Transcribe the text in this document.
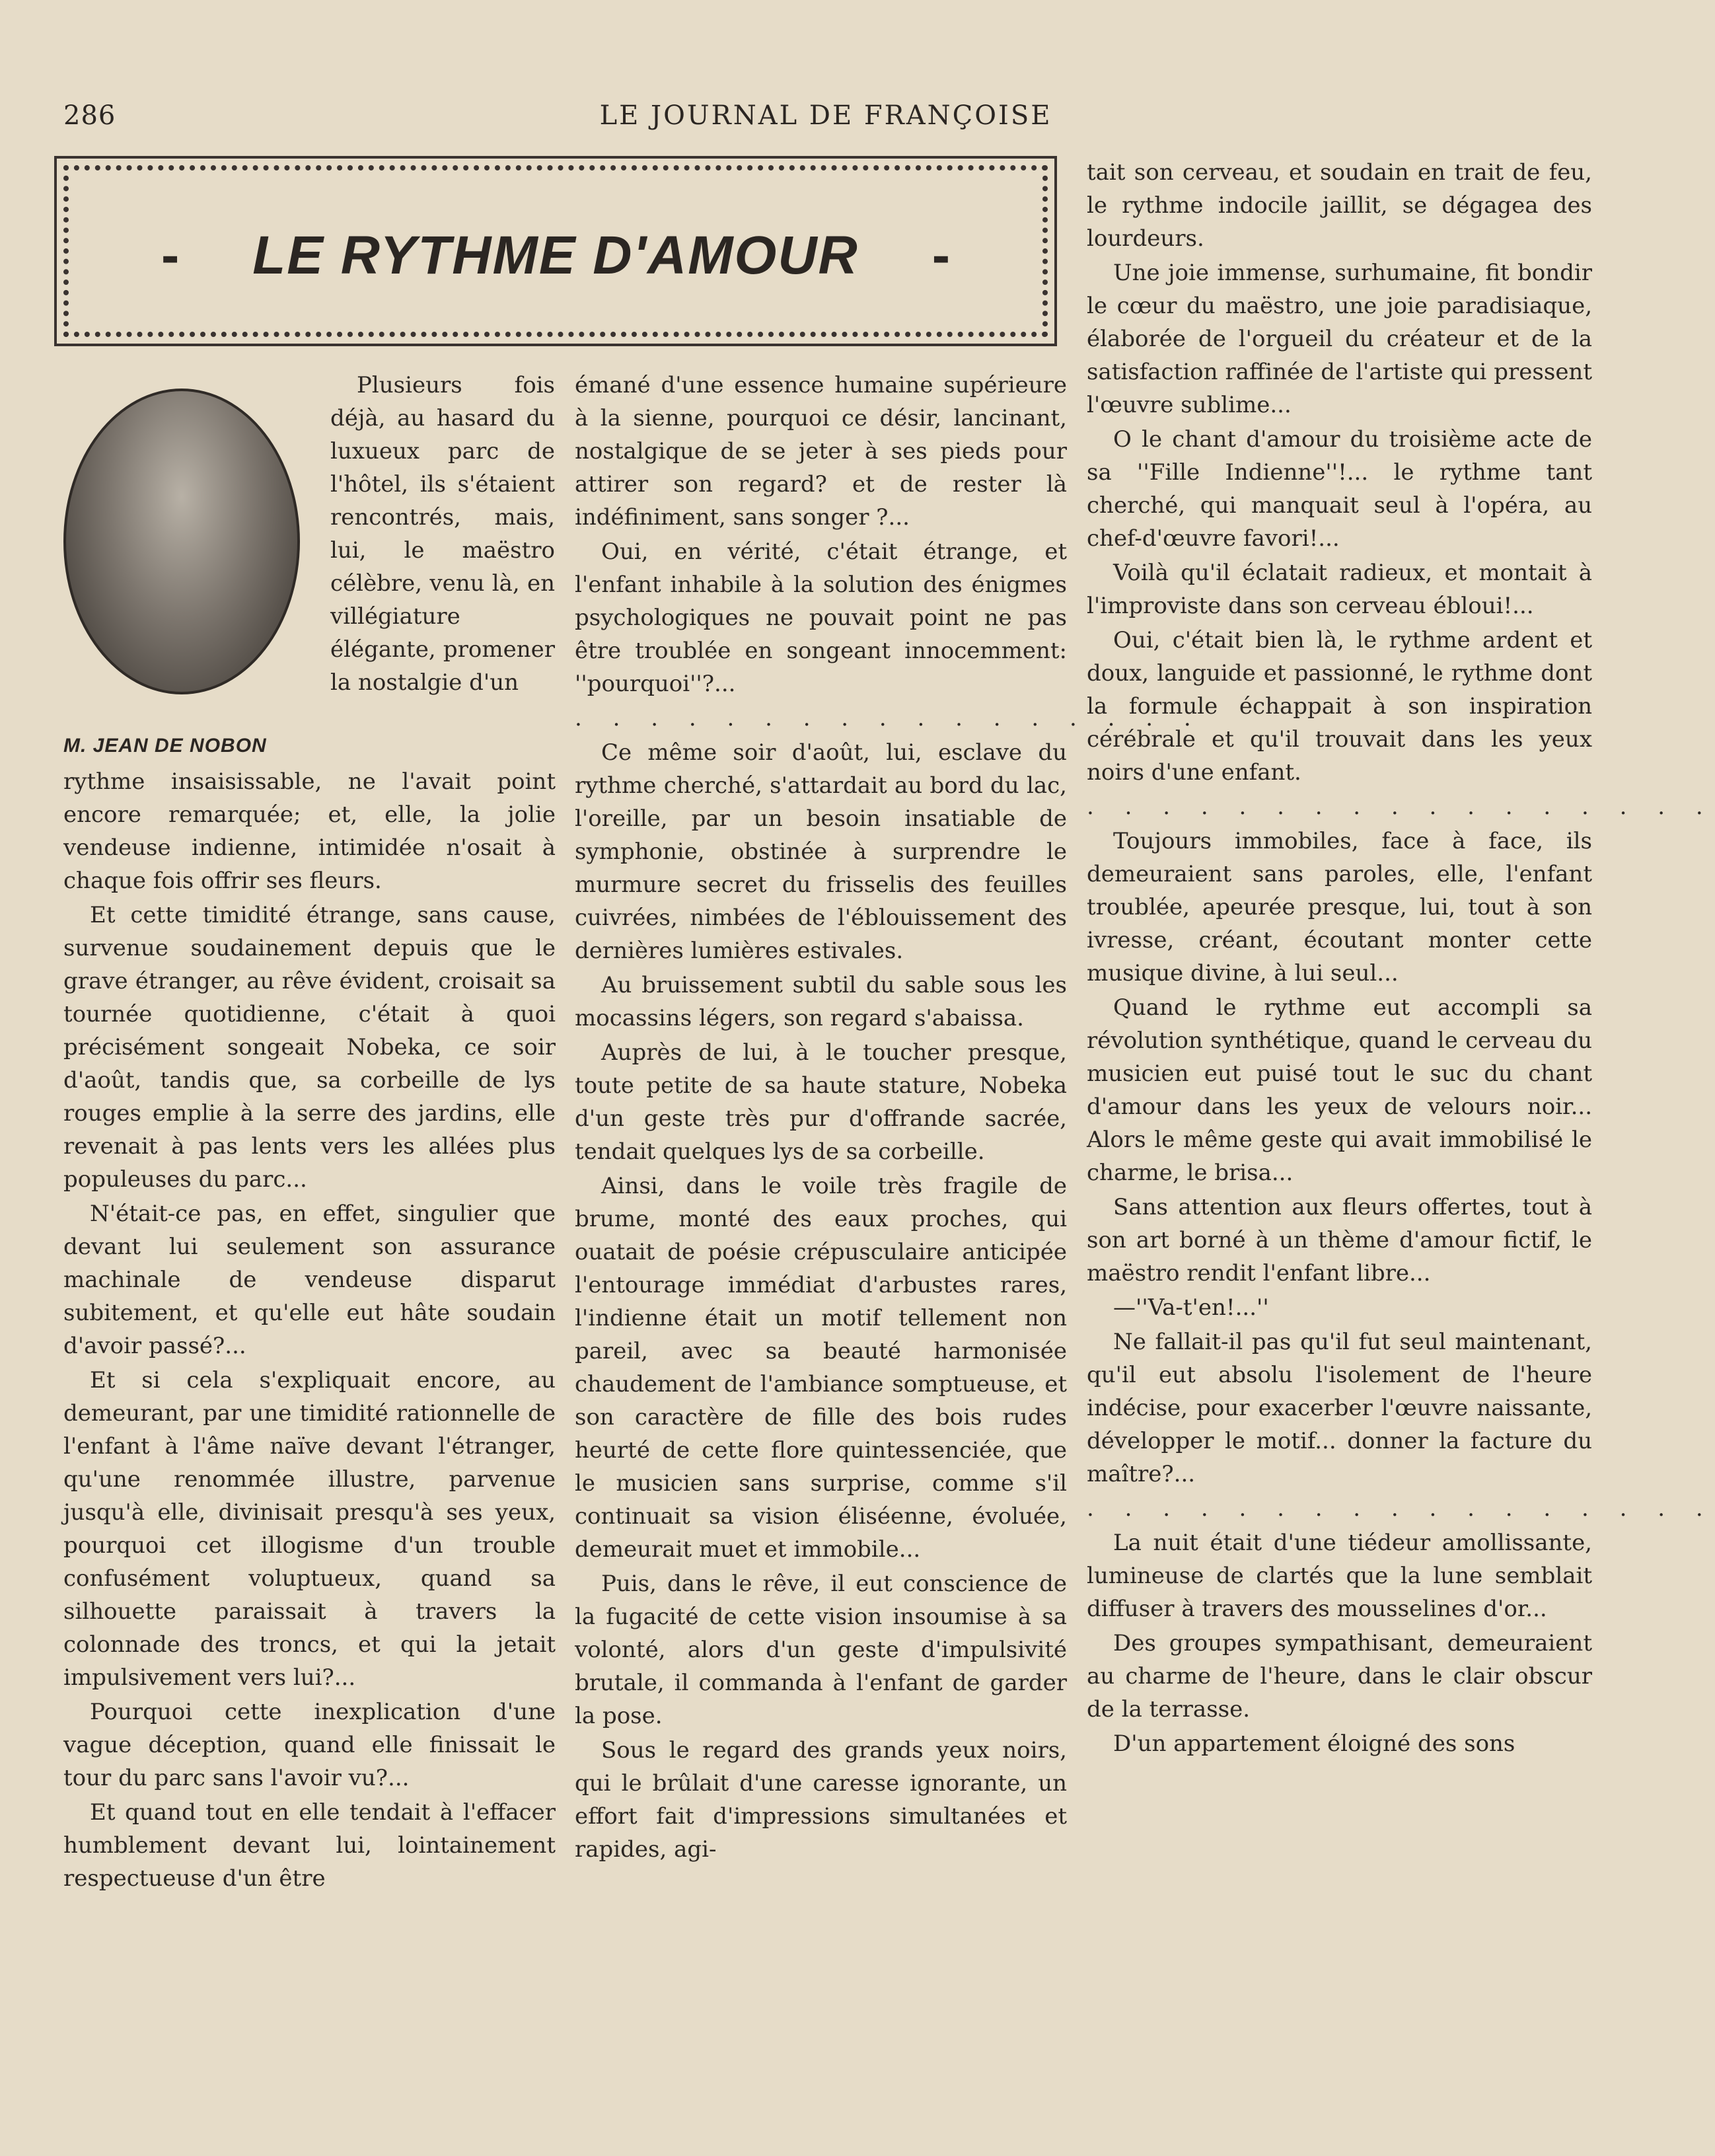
286	LE JOURNAL DE FRANÇOISE
-	LE RYTHME D'AMOUR	-
M. JEAN DE NOBON

Plusieurs fois déjà, au hasard du luxueux parc de l'hôtel, ils s'étaient rencontrés, mais, lui, le maëstro célèbre, venu là, en villégiature élégante, promener la nostalgie d'un

rythme insaisissable, ne l'avait point encore remarquée; et, elle, la jolie vendeuse indienne, intimidée n'osait à chaque fois offrir ses fleurs.

Et cette timidité étrange, sans cause, survenue soudainement depuis que le grave étranger, au rêve évident, croisait sa tournée quotidienne, c'était à quoi précisément songeait Nobeka, ce soir d'août, tandis que, sa corbeille de lys rouges emplie à la serre des jardins, elle revenait à pas lents vers les allées plus populeuses du parc...

N'était-ce pas, en effet, singulier que devant lui seulement son assurance machinale de vendeuse disparut subitement, et qu'elle eut hâte soudain d'avoir passé?...

Et si cela s'expliquait encore, au demeurant, par une timidité rationnelle de l'enfant à l'âme naïve devant l'étranger, qu'une renommée illustre, parvenue jusqu'à elle, divinisait presqu'à ses yeux, pourquoi cet illogisme d'un trouble confusément voluptueux, quand sa silhouette paraissait à travers la colonnade des troncs, et qui la jetait impulsivement vers lui?...

Pourquoi cette inexplication d'une vague déception, quand elle finissait le tour du parc sans l'avoir vu?...

Et quand tout en elle tendait à l'effacer humblement devant lui, lointainement respectueuse d'un être

émané d'une essence humaine supérieure à la sienne, pourquoi ce désir, lancinant, nostalgique de se jeter à ses pieds pour attirer son regard? et de rester là indéfiniment, sans songer ?...

Oui, en vérité, c'était étrange, et l'enfant inhabile à la solution des énigmes psychologiques ne pouvait point ne pas être troublée en songeant innocemment: ''pourquoi''?...

. . . . . . . . . . . . . . . . .

Ce même soir d'août, lui, esclave du rythme cherché, s'attardait au bord du lac, l'oreille, par un besoin insatiable de symphonie, obstinée à surprendre le murmure secret du frisselis des feuilles cuivrées, nimbées de l'éblouissement des dernières lumières estivales.

Au bruissement subtil du sable sous les mocassins légers, son regard s'abaissa.

Auprès de lui, à le toucher presque, toute petite de sa haute stature, Nobeka d'un geste très pur d'offrande sacrée, tendait quelques lys de sa corbeille.

Ainsi, dans le voile très fragile de brume, monté des eaux proches, qui ouatait de poésie crépusculaire anticipée l'entourage immédiat d'arbustes rares, l'indienne était un motif tellement non pareil, avec sa beauté harmonisée chaudement de l'ambiance somptueuse, et son caractère de fille des bois rudes heurté de cette flore quintessenciée, que le musicien sans surprise, comme s'il continuait sa vision éliséenne, évoluée, demeurait muet et immobile...

Puis, dans le rêve, il eut conscience de la fugacité de cette vision insoumise à sa volonté, alors d'un geste d'impulsivité brutale, il commanda à l'enfant de garder la pose.

Sous le regard des grands yeux noirs, qui le brûlait d'une caresse ignorante, un effort fait d'impressions simultanées et rapides, agi-

tait son cerveau, et soudain en trait de feu, le rythme indocile jaillit, se dégagea des lourdeurs.

Une joie immense, surhumaine, fit bondir le cœur du maëstro, une joie paradisiaque, élaborée de l'orgueil du créateur et de la satisfaction raffinée de l'artiste qui pressent l'œuvre sublime...

O le chant d'amour du troisième acte de sa ''Fille Indienne''!... le rythme tant cherché, qui manquait seul à l'opéra, au chef-d'œuvre favori!...

Voilà qu'il éclatait radieux, et montait à l'improviste dans son cerveau ébloui!...

Oui, c'était bien là, le rythme ardent et doux, languide et passionné, le rythme dont la formule échappait à son inspiration cérébrale et qu'il trouvait dans les yeux noirs d'une enfant.

. . . . . . . . . . . . . . . . .

Toujours immobiles, face à face, ils demeuraient sans paroles, elle, l'enfant troublée, apeurée presque, lui, tout à son ivresse, créant, écoutant monter cette musique divine, à lui seul...

Quand le rythme eut accompli sa révolution synthétique, quand le cerveau du musicien eut puisé tout le suc du chant d'amour dans les yeux de velours noir... Alors le même geste qui avait immobilisé le charme, le brisa...

Sans attention aux fleurs offertes, tout à son art borné à un thème d'amour fictif, le maëstro rendit l'enfant libre...

—''Va-t'en!...''

Ne fallait-il pas qu'il fut seul maintenant, qu'il eut absolu l'isolement de l'heure indécise, pour exacerber l'œuvre naissante, développer le motif... donner la facture du maître?...

. . . . . . . . . . . . . . . . .

La nuit était d'une tiédeur amollissante, lumineuse de clartés que la lune semblait diffuser à travers des mousselines d'or...

Des groupes sympathisant, demeuraient au charme de l'heure, dans le clair obscur de la terrasse.

D'un appartement éloigné des sons
